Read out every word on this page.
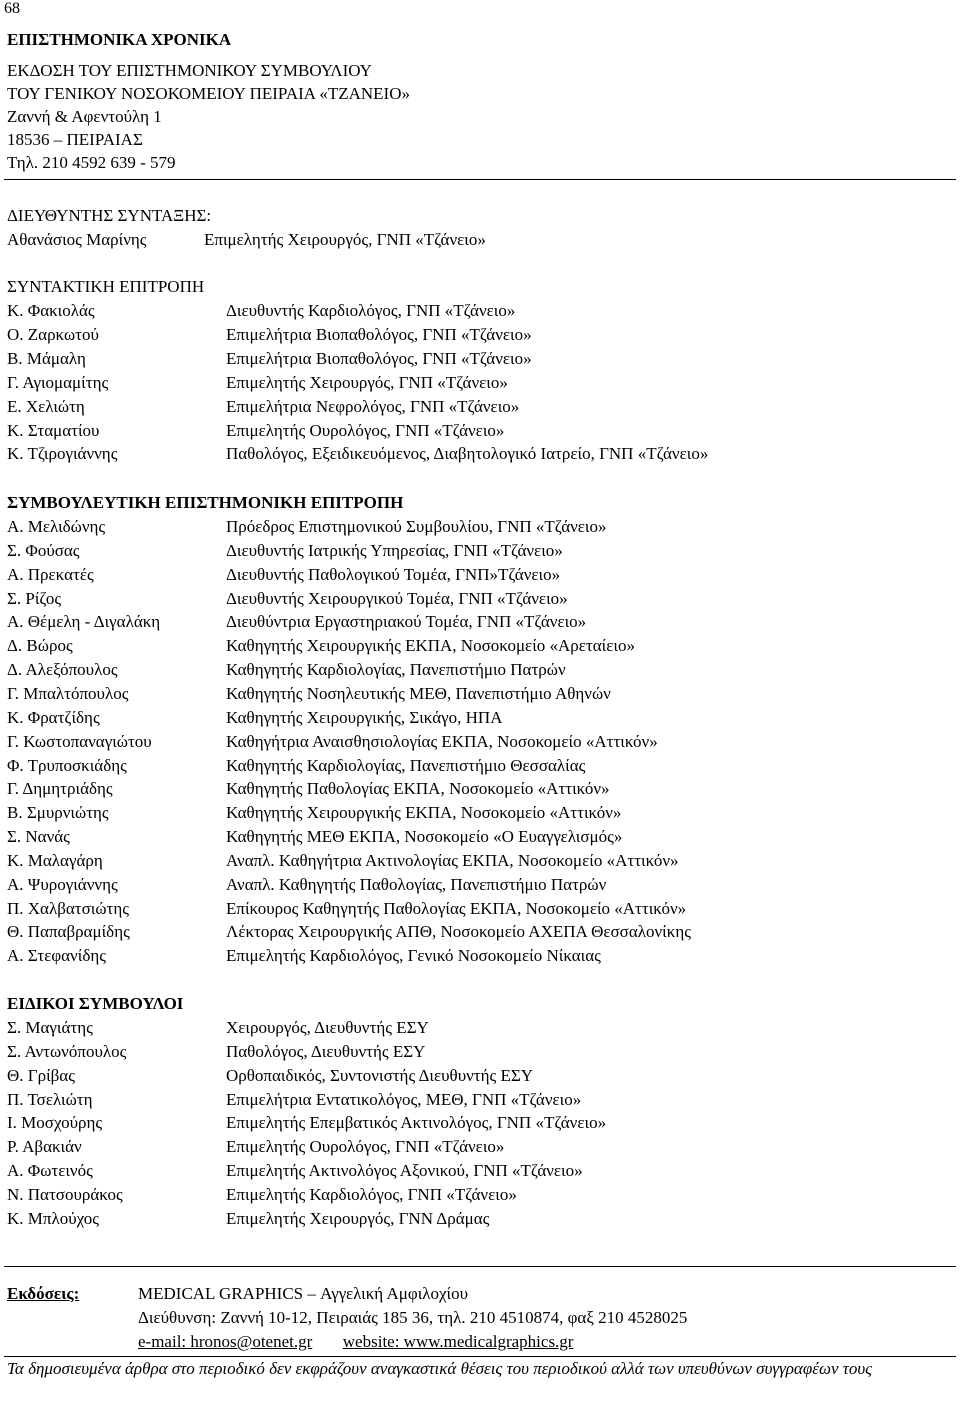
68
ΕΠΙΣΤΗΜΟΝΙΚΑ ΧΡΟΝΙΚΑ
ΕΚΔΟΣΗ ΤΟΥ ΕΠΙΣΤΗΜΟΝΙΚΟΥ ΣΥΜΒΟΥΛΙΟΥ
ΤΟΥ ΓΕΝΙΚΟΥ ΝΟΣΟΚΟΜΕΙΟΥ ΠΕΙΡΑΙΑ «ΤΖΑΝΕΙΟ»
Ζαννή & Αφεντούλη 1
18536 – ΠΕΙΡΑΙΑΣ
Τηλ. 210 4592 639 - 579
ΔΙΕΥΘΥΝΤΗΣ ΣΥΝΤΑΞΗΣ:
Αθανάσιος Μαρίνης	Επιμελητής Χειρουργός, ΓΝΠ «Τζάνειο»
ΣΥΝΤΑΚΤΙΚΗ ΕΠΙΤΡΟΠΗ
Κ. Φακιολάς	Διευθυντής Καρδιολόγος, ΓΝΠ «Τζάνειο»
Ο. Ζαρκωτού	Επιμελήτρια Βιοπαθολόγος, ΓΝΠ «Τζάνειο»
Β. Μάμαλη	Επιμελήτρια Βιοπαθολόγος, ΓΝΠ «Τζάνειο»
Γ. Αγιομαμίτης	Επιμελητής Χειρουργός, ΓΝΠ «Τζάνειο»
Ε. Χελιώτη	Επιμελήτρια Νεφρολόγος, ΓΝΠ «Τζάνειο»
Κ. Σταματίου	Επιμελητής Ουρολόγος, ΓΝΠ «Τζάνειο»
Κ. Τζιρογιάννης	Παθολόγος, Εξειδικευόμενος, Διαβητολογικό Ιατρείο, ΓΝΠ «Τζάνειο»
ΣΥΜΒΟΥΛΕΥΤΙΚΗ ΕΠΙΣΤΗΜΟΝΙΚΗ ΕΠΙΤΡΟΠΗ
Α. Μελιδώνης	Πρόεδρος Επιστημονικού Συμβουλίου, ΓΝΠ «Τζάνειο»
Σ. Φούσας	Διευθυντής Ιατρικής Υπηρεσίας, ΓΝΠ «Τζάνειο»
Α. Πρεκατές	Διευθυντής Παθολογικού Τομέα, ΓΝΠ»Τζάνειο»
Σ. Ρίζος	Διευθυντής Χειρουργικού Τομέα, ΓΝΠ «Τζάνειο»
Α. Θέμελη - Διγαλάκη	Διευθύντρια Εργαστηριακού Τομέα, ΓΝΠ «Τζάνειο»
Δ. Βώρος	Καθηγητής Χειρουργικής ΕΚΠΑ, Νοσοκομείο «Αρεταίειο»
Δ. Αλεξόπουλος	Καθηγητής Καρδιολογίας, Πανεπιστήμιο Πατρών
Γ. Μπαλτόπουλος	Καθηγητής Νοσηλευτικής ΜΕΘ, Πανεπιστήμιο Αθηνών
Κ. Φρατζίδης	Καθηγητής Χειρουργικής, Σικάγο, ΗΠΑ
Γ. Κωστοπαναγιώτου	Καθηγήτρια Αναισθησιολογίας ΕΚΠΑ, Νοσοκομείο «Αττικόν»
Φ. Τρυποσκιάδης	Καθηγητής Καρδιολογίας, Πανεπιστήμιο Θεσσαλίας
Γ. Δημητριάδης	Καθηγητής Παθολογίας ΕΚΠΑ, Νοσοκομείο «Αττικόν»
Β. Σμυρνιώτης	Καθηγητής Χειρουργικής ΕΚΠΑ, Νοσοκομείο «Αττικόν»
Σ. Νανάς	Καθηγητής ΜΕΘ ΕΚΠΑ, Νοσοκομείο «Ο Ευαγγελισμός»
Κ. Μαλαγάρη	Αναπλ. Καθηγήτρια Ακτινολογίας ΕΚΠΑ, Νοσοκομείο «Αττικόν»
Α. Ψυρογιάννης	Αναπλ. Καθηγητής Παθολογίας, Πανεπιστήμιο Πατρών
Π. Χαλβατσιώτης	Επίκουρος Καθηγητής Παθολογίας ΕΚΠΑ, Νοσοκομείο «Αττικόν»
Θ. Παπαβραμίδης	Λέκτορας Χειρουργικής ΑΠΘ, Νοσοκομείο ΑΧΕΠΑ Θεσσαλονίκης
Α. Στεφανίδης	Επιμελητής Καρδιολόγος, Γενικό Νοσοκομείο Νίκαιας
ΕΙΔΙΚΟΙ ΣΥΜΒΟΥΛΟΙ
Σ. Μαγιάτης	Χειρουργός, Διευθυντής ΕΣΥ
Σ. Αντωνόπουλος	Παθολόγος, Διευθυντής ΕΣΥ
Θ. Γρίβας	Ορθοπαιδικός, Συντονιστής Διευθυντής ΕΣΥ
Π. Τσελιώτη	Επιμελήτρια Εντατικολόγος, ΜΕΘ, ΓΝΠ «Τζάνειο»
Ι. Μοσχούρης	Επιμελητής Επεμβατικός Ακτινολόγος, ΓΝΠ «Τζάνειο»
Ρ. Αβακιάν	Επιμελητής Ουρολόγος, ΓΝΠ «Τζάνειο»
Α. Φωτεινός	Επιμελητής Ακτινολόγος Αξονικού, ΓΝΠ «Τζάνειο»
Ν. Πατσουράκος	Επιμελητής Καρδιολόγος, ΓΝΠ «Τζάνειο»
Κ. Μπλούχος	Επιμελητής Χειρουργός, ΓΝΝ Δράμας
Εκδόσεις:	MEDICAL GRAPHICS – Αγγελική Αμφιλοχίου
Διεύθυνση: Ζαννή 10-12, Πειραιάς 185 36, τηλ. 210 4510874, φαξ 210 4528025
e-mail: hronos@otenet.gr website: www.medicalgraphics.gr
Τα δημοσιευμένα άρθρα στο περιοδικό δεν εκφράζουν αναγκαστικά θέσεις του περιοδικού αλλά των υπευθύνων συγγραφέων τους
